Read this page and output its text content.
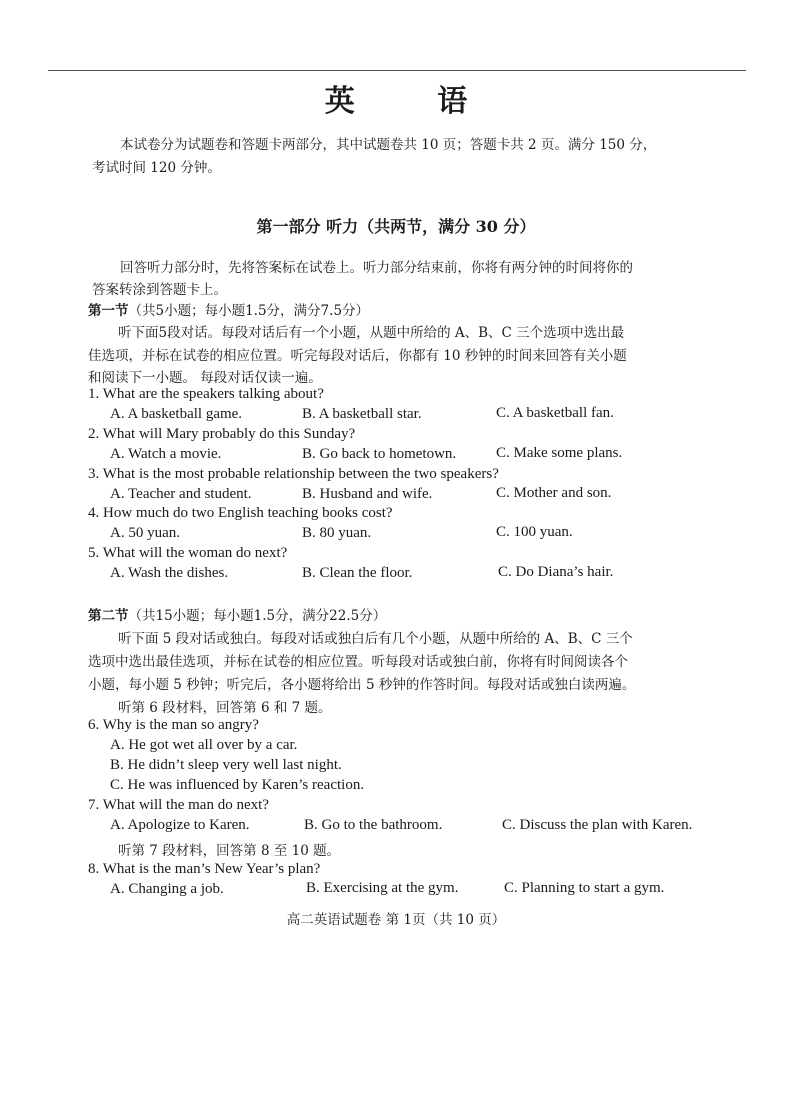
英 语
本试卷分为试题卷和答题卡两部分，其中试题卷共 10 页；答题卡共 2 页。满分 150 分，
考试时间 120 分钟。
第一部分 听力（共两节，满分 30 分）
回答听力部分时，先将答案标在试卷上。听力部分结束前，你将有两分钟的时间将你的
答案转涂到答题卡上。
第一节（共5小题；每小题1.5分，满分7.5分）
听下面5段对话。每段对话后有一个小题，从题中所给的 A、B、C 三个选项中选出最
佳选项，并标在试卷的相应位置。听完每段对话后，你都有 10 秒钟的时间来回答有关小题
和阅读下一小题。 每段对话仅读一遍。
1. What are the speakers talking about?
A. A basketball game.	B. A basketball star.	C. A basketball fan.
2. What will Mary probably do this Sunday?
A. Watch a movie.	B. Go back to hometown.	C. Make some plans.
3. What is the most probable relationship between the two speakers?
A. Teacher and student.	B. Husband and wife.	C. Mother and son.
4. How much do two English teaching books cost?
A. 50 yuan.	B. 80 yuan.	C. 100 yuan.
5. What will the woman do next?
A. Wash the dishes.	B. Clean the floor.	C. Do Diana’s hair.
第二节（共15小题；每小题1.5分，满分22.5分）
听下面 5 段对话或独白。每段对话或独白后有几个小题，从题中所给的 A、B、C 三个
选项中选出最佳选项，并标在试卷的相应位置。听每段对话或独白前，你将有时间阅读各个
小题，每小题 5 秒钟；听完后，各小题将给出 5 秒钟的作答时间。每段对话或独白读两遍。
听第 6 段材料，回答第 6 和 7 题。
6. Why is the man so angry?
A. He got wet all over by a car.
B. He didn’t sleep very well last night.
C. He was influenced by Karen’s reaction.
7. What will the man do next?
A. Apologize to Karen.	B. Go to the bathroom.	C. Discuss the plan with Karen.
听第 7 段材料，回答第 8 至 10 题。
8. What is the man’s New Year’s plan?
A. Changing a job.	B. Exercising at the gym.	C. Planning to start a gym.
高二英语试题卷 第 1页（共 10 页）
